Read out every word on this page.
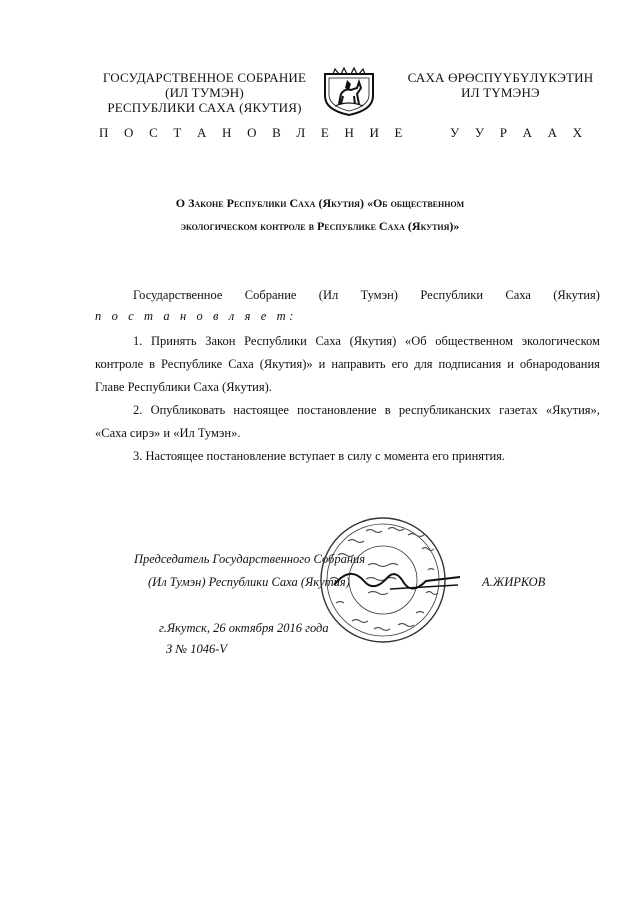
ГОСУДАРСТВЕННОЕ СОБРАНИЕ
(ИЛ ТУМЭН)
РЕСПУБЛИКИ САХА (ЯКУТИЯ)
САХА ӨРӨСПҮҮБҮЛҮКЭТИН
ИЛ ТҮМЭНЭ
П О С Т А Н О В Л Е Н И Е	У У Р А А Х
О Законе Республики Саха (Якутия) «Об общественном
экологическом контроле в Республике Саха (Якутия)»
Государственное Собрание (Ил Тумэн) Республики Саха (Якутия)
п о с т а н о в л я е т:
1. Принять Закон Республики Саха (Якутия) «Об общественном экологическом
контроле в Республике Саха (Якутия)» и направить его для подписания и обнародования
Главе Республики Саха (Якутия).
2. Опубликовать настоящее постановление в республиканских газетах «Якутия»,
«Саха сирэ» и «Ил Тумэн».
3. Настоящее постановление вступает в силу с момента его принятия.
Председатель Государственного Собрания
(Ил Тумэн) Республики Саха (Якутия)	А.ЖИРКОВ
г.Якутск, 26 октября 2016 года
З № 1046-V
